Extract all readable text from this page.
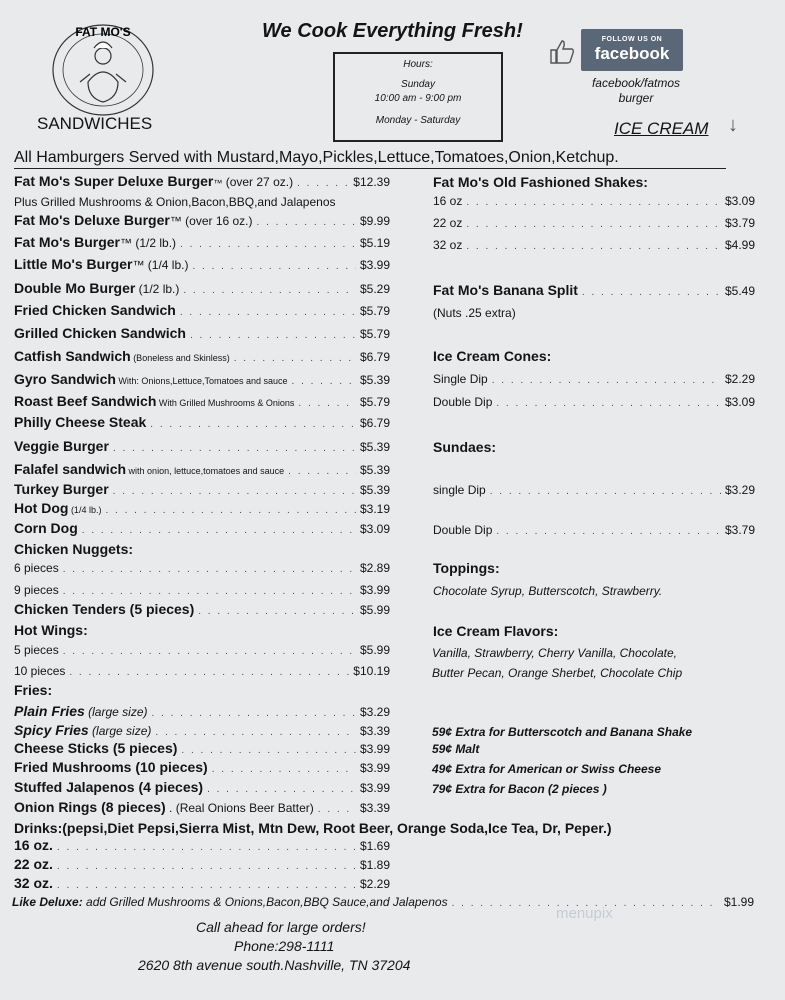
FAT MO'S
SANDWICHES
We Cook Everything Fresh!
Hours:
Sunday
10:00 am - 9:00 pm
Monday - Saturday
FOLLOW US ON
facebook
facebook/fatmos
burger
ICE CREAM ↓
All Hamburgers Served with Mustard,Mayo,Pickles,Lettuce,Tomatoes,Onion,Ketchup.
Fat Mo's Super Deluxe Burger™ (over 27 oz.) . . .	$12.39
Plus Grilled Mushrooms & Onion,Bacon,BBQ,and Jalapenos
Fat Mo's Deluxe Burger™ (over 16 oz.) . . .	$9.99
Fat Mo's Burger™ (1/2 lb.) . . .	$5.19
Little Mo's Burger™ (1/4 lb.) . . .	$3.99
Double Mo Burger (1/2 lb.) . . .	$5.29
Fried Chicken Sandwich . . .	$5.79
Grilled Chicken Sandwich . . .	$5.79
Catfish Sandwich (Boneless and Skinless) . . .	$6.79
Gyro Sandwich With: Onions,Lettuce,Tomatoes and sauce . . .	$5.39
Roast Beef Sandwich With Grilled Mushrooms & Onions . . .	$5.79
Philly Cheese Steak . . .	$6.79
Veggie Burger . . .	$5.39
Falafel sandwich with onion, lettuce,tomatoes and sauce . . .	$5.39
Turkey Burger . . .	$5.39
Hot Dog (1/4 lb.) . . .	$3.19
Corn Dog . . .	$3.09
Chicken Nuggets:
6 pieces . . .	$2.89
9 pieces . . .	$3.99
Chicken Tenders (5 pieces) . . .	$5.99
Hot Wings:
5 pieces . . .	$5.99
10 pieces . . .	$10.19
Fries:
Plain Fries (large size) . . .	$3.29
Spicy Fries (large size) . . .	$3.39
Cheese Sticks (5 pieces) . . .	$3.99
Fried Mushrooms (10 pieces) . . .	$3.99
Stuffed Jalapenos (4 pieces) . . .	$3.99
Onion Rings (8 pieces) . (Real Onions Beer Batter) . . .	$3.39
Drinks:(pepsi,Diet Pepsi,Sierra Mist, Mtn Dew, Root Beer, Orange Soda,Ice Tea, Dr, Peper.)
16 oz. . . .	$1.69
22 oz. . . .	$1.89
32 oz. . . .	$2.29
Like Deluxe: add Grilled Mushrooms & Onions,Bacon,BBQ Sauce,and Jalapenos . . .	$1.99
Fat Mo's Old Fashioned Shakes:
16 oz . . .	$3.09
22 oz . . .	$3.79
32 oz . . .	$4.99
Fat Mo's Banana Split . . .	$5.49
(Nuts .25 extra)
Ice Cream Cones:
Single Dip . . .	$2.29
Double Dip . . .	$3.09
Sundaes:
single Dip . . .	$3.29
Double Dip . . .	$3.79
Toppings:
Chocolate Syrup, Butterscotch, Strawberry.
Ice Cream Flavors:
Vanilla, Strawberry, Cherry Vanilla, Chocolate,
Butter Pecan, Orange Sherbet, Chocolate Chip
59¢ Extra for Butterscotch and Banana Shake
59¢ Malt
49¢ Extra for American or Swiss Cheese
79¢ Extra for Bacon (2 pieces )
Call ahead for large orders!
Phone:298-1111
2620 8th avenue south.Nashville, TN 37204
menupix
